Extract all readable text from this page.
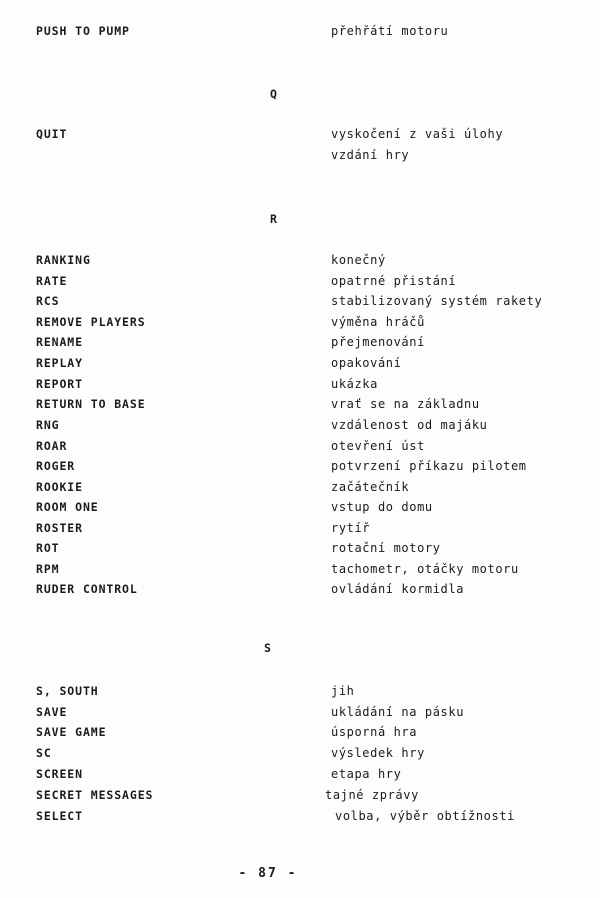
PUSH TO PUMP	přehřátí motoru
Q
QUIT	vyskočení z vaši úlohy
vzdání hry
R
RANKING	konečný
RATE	opatrné přistání
RCS	stabilizovaný systém rakety
REMOVE PLAYERS	výměna hráčů
RENAME	přejmenování
REPLAY	opakování
REPORT	ukázka
RETURN TO BASE	vrať se na základnu
RNG	vzdálenost od majáku
ROAR	otevření úst
ROGER	potvrzení příkazu pilotem
ROOKIE	začátečník
ROOM ONE	vstup do domu
ROSTER	rytíř
ROT	rotační motory
RPM	tachometr, otáčky motoru
RUDER CONTROL	ovládání kormidla
S
S, SOUTH	jih
SAVE	ukládání na pásku
SAVE GAME	úsporná hra
SC	výsledek hry
SCREEN	etapa hry
SECRET MESSAGES	tajné zprávy
SELECT	volba, výběr obtížnosti
- 87 -
